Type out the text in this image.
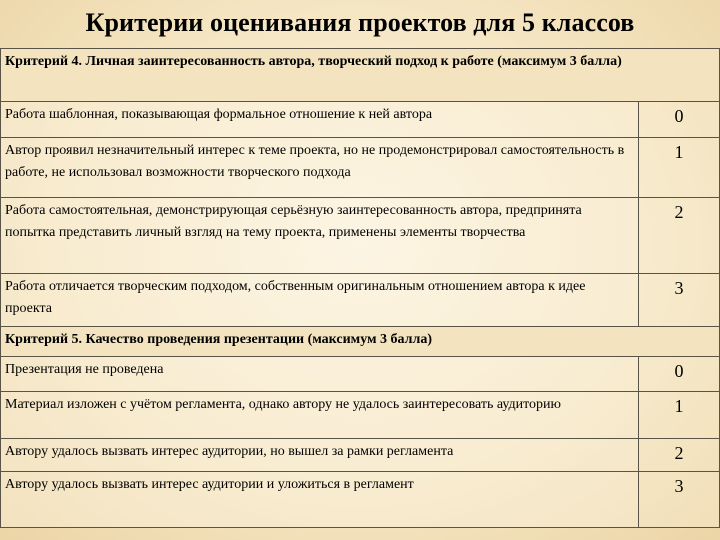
Критерии оценивания проектов для 5 классов
Критерий 4. Личная заинтересованность автора, творческий подход к работе (максимум 3 балла)	
Работа шаблонная, показывающая формальное отношение к ней автора	0
Автор проявил незначительный интерес к теме проекта, но не продемонстрировал самостоятельность в работе, не использовал возможности творческого подхода	1
Работа самостоятельная, демонстрирующая серьёзную заинтересованность автора, предпринята попытка представить личный взгляд на тему проекта, применены элементы творчества	2
Работа отличается творческим подходом, собственным оригинальным отношением автора к идее проекта	3
Критерий 5. Качество проведения презентации (максимум 3 балла)	
Презентация не проведена	0
Материал изложен с учётом регламента, однако автору не удалось заинтересовать аудиторию	1
Автору удалось вызвать интерес аудитории, но вышел за рамки регламента	2
Автору удалось вызвать интерес аудитории и уложиться в регламент	3
